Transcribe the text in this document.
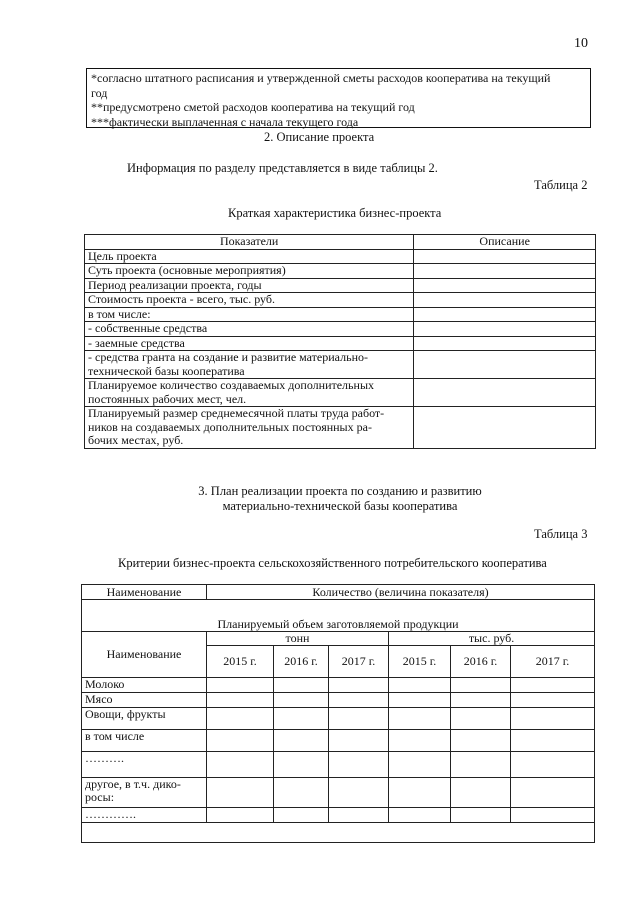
10
*согласно штатного расписания и утвержденной сметы расходов кооператива на текущий
год
**предусмотрено сметой расходов кооператива на текущий год
***фактически выплаченная с начала текущего года
2. Описание проекта
Информация по разделу представляется в виде таблицы 2.
Таблица 2
Краткая характеристика бизнес-проекта
Показатели	Описание
Цель проекта	
Суть проекта (основные мероприятия)	
Период реализации проекта, годы	
Стоимость проекта - всего, тыс. руб.	
в том числе:	
- собственные средства	
- заемные средства	

- средства гранта на создание и развитие материально-
технической базы кооператива	

Планируемое количество создаваемых дополнительных
постоянных рабочих мест, чел.	

Планируемый размер среднемесячной платы труда работ-
ников на создаваемых дополнительных постоянных ра-
бочих местах, руб.	

3. План реализации проекта по созданию и развитию
материально-технической базы кооператива
Таблица 3
Критерии бизнес-проекта сельскохозяйственного потребительского кооператива
Наименование	Количество (величина показателя)					
Планируемый объем заготовляемой продукции						
Наименование	тонн			тыс. руб.		
	2015 г.	2016 г.	2017 г.	2015 г.	2016 г.	2017 г.
Молоко						
Мясо						
Овощи, фрукты						
в том числе						
……….						
другое, в т.ч. дико-росы:						
………….						
